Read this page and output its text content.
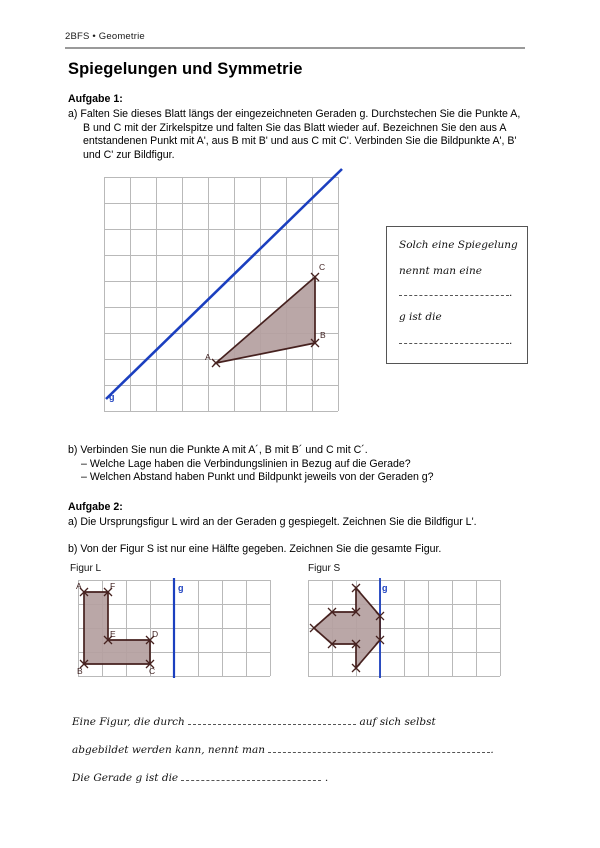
2BFS • Geometrie
Spiegelungen und Symmetrie
Aufgabe 1:
a) Falten Sie dieses Blatt längs der eingezeichneten Geraden g. Durchstechen Sie die Punkte A, B und C mit der Zirkelspitze und falten Sie das Blatt wieder auf. Bezeichnen Sie den aus A entstandenen Punkt mit A', aus B mit B' und aus C mit C'. Verbinden Sie die Bildpunkte A', B' und C' zur Bildfigur.
g
A
B
C
Solch eine Spiegelung
nennt man eine
.
g ist die
.
b) Verbinden Sie nun die Punkte A mit A´, B mit B´ und C mit C´.
– Welche Lage haben die Verbindungslinien in Bezug auf die Gerade?
– Welchen Abstand haben Punkt und Bildpunkt jeweils von der Geraden g?
Aufgabe 2:
a) Die Ursprungsfigur L wird an der Geraden g gespiegelt. Zeichnen Sie die Bildfigur L'.
b) Von der Figur S ist nur eine Hälfte gegeben. Zeichnen Sie die gesamte Figur.
Figur L
g
A	F
E	D
C
B
Figur S
g
Eine Figur, die durch	auf sich selbst
abgebildet werden kann, nennt man	.
Die Gerade g ist die	.
